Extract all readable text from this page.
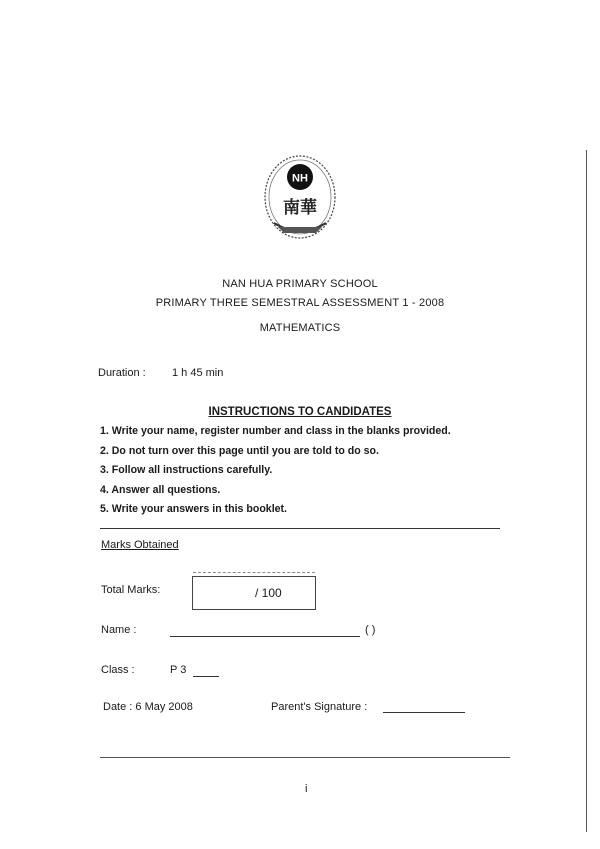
NH
南華
NAN HUA PRIMARY SCHOOL
PRIMARY THREE SEMESTRAL ASSESSMENT 1 - 2008
MATHEMATICS
Duration : 1 h 45 min
INSTRUCTIONS TO CANDIDATES
1. Write your name, register number and class in the blanks provided.
2. Do not turn over this page until you are told to do so.
3. Follow all instructions carefully.
4. Answer all questions.
5. Write your answers in this booklet.
Marks Obtained
Total Marks:	/ 100
Name :	( )
Class :	P 3
Date : 6 May 2008	Parent's Signature :
i
